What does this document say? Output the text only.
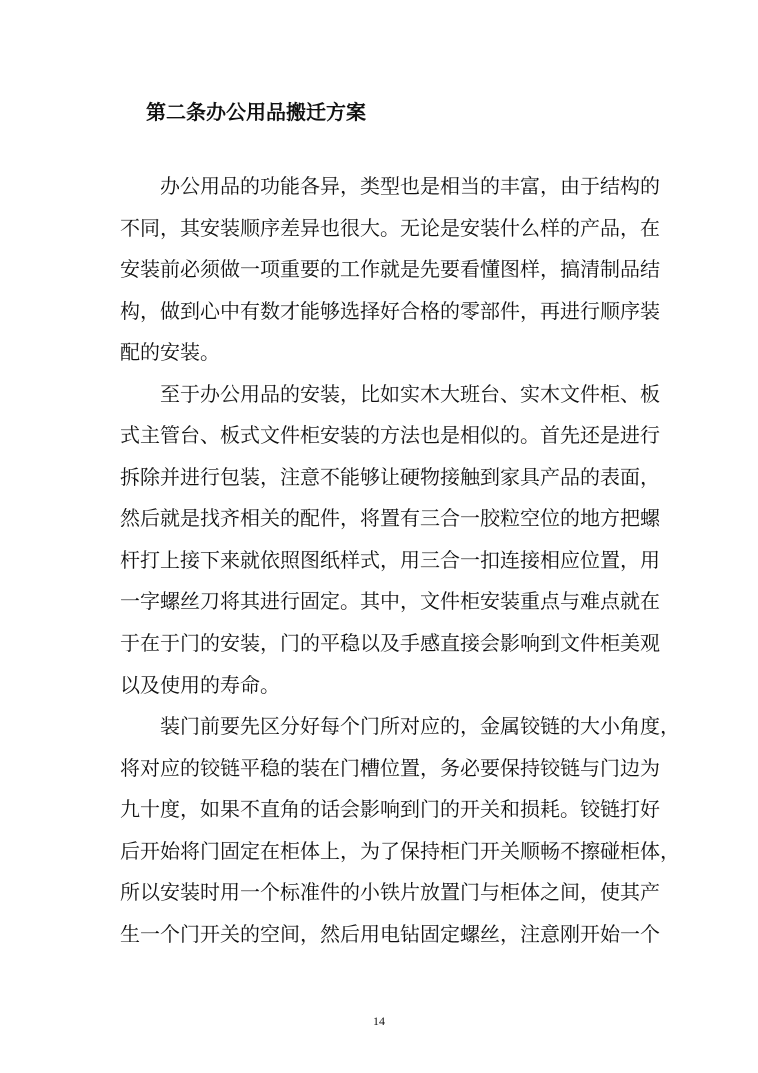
第二条办公用品搬迁方案
办公用品的功能各异，类型也是相当的丰富，由于结构的
不同，其安装顺序差异也很大。无论是安装什么样的产品，在
安装前必须做一项重要的工作就是先要看懂图样，搞清制品结
构，做到心中有数才能够选择好合格的零部件，再进行顺序装
配的安装。
至于办公用品的安装，比如实木大班台、实木文件柜、板
式主管台、板式文件柜安装的方法也是相似的。首先还是进行
拆除并进行包装，注意不能够让硬物接触到家具产品的表面，
然后就是找齐相关的配件，将置有三合一胶粒空位的地方把螺
杆打上接下来就依照图纸样式，用三合一扣连接相应位置，用
一字螺丝刀将其进行固定。其中，文件柜安装重点与难点就在
于在于门的安装，门的平稳以及手感直接会影响到文件柜美观
以及使用的寿命。
装门前要先区分好每个门所对应的，金属铰链的大小角度，
将对应的铰链平稳的装在门槽位置，务必要保持铰链与门边为
九十度，如果不直角的话会影响到门的开关和损耗。铰链打好
后开始将门固定在柜体上，为了保持柜门开关顺畅不擦碰柜体，
所以安装时用一个标准件的小铁片放置门与柜体之间，使其产
生一个门开关的空间，然后用电钻固定螺丝，注意刚开始一个
14
